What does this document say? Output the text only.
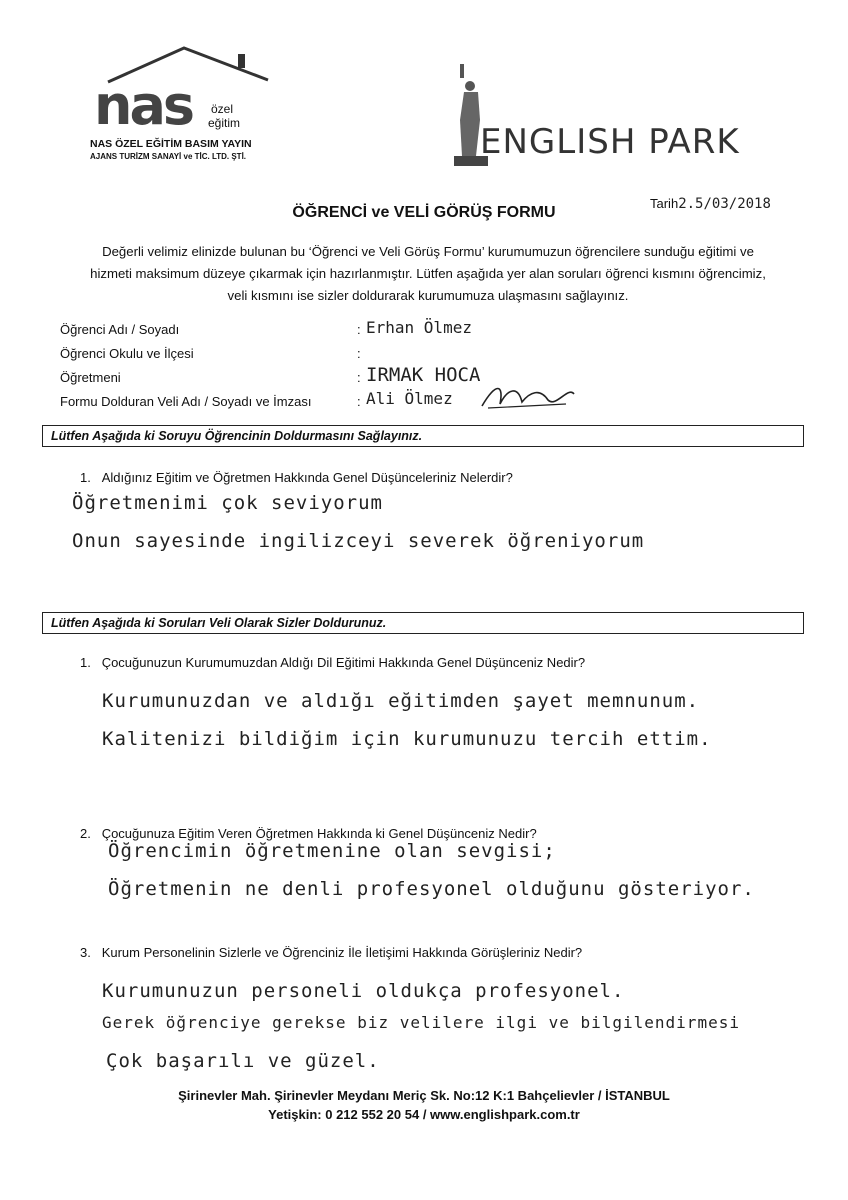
nas özel
eğitim
NAS ÖZEL EĞİTİM BASIM YAYIN
AJANS TURİZM SANAYİ ve TİC. LTD. ŞTİ.	ENGLISH PARK
ÖĞRENCİ ve VELİ GÖRÜŞ FORMU
Tarih2.5/03/2018
Değerli velimiz elinizde bulunan bu ‘Öğrenci ve Veli Görüş Formu’ kurumumuzun öğrencilere sunduğu eğitimi ve
hizmeti maksimum düzeye çıkarmak için hazırlanmıştır. Lütfen aşağıda yer alan soruları öğrenci kısmını öğrencimiz,
veli kısmını ise sizler doldurarak kurumumuza ulaşmasını sağlayınız.
Öğrenci Adı / Soyadı	: Erhan Ölmez
Öğrenci Okulu ve İlçesi	:
Öğretmeni	: IRMAK HOCA
Formu Dolduran Veli Adı / Soyadı ve İmzası	: Ali Ölmez
Lütfen Aşağıda ki Soruyu Öğrencinin Doldurmasını Sağlayınız.
1. Aldığınız Eğitim ve Öğretmen Hakkında Genel Düşünceleriniz Nelerdir?
Öğretmenimi çok seviyorum
Onun sayesinde ingilizceyi severek öğreniyorum
Lütfen Aşağıda ki Soruları Veli Olarak Sizler Doldurunuz.
1. Çocuğunuzun Kurumumuzdan Aldığı Dil Eğitimi Hakkında Genel Düşünceniz Nedir?
Kurumunuzdan ve aldığı eğitimden şayet memnunum.
Kalitenizi bildiğim için kurumunuzu tercih ettim.
2. Çocuğunuza Eğitim Veren Öğretmen Hakkında ki Genel Düşünceniz Nedir?
Öğrencimin öğretmenine olan sevgisi;
Öğretmenin ne denli profesyonel olduğunu gösteriyor.
3. Kurum Personelinin Sizlerle ve Öğrenciniz İle İletişimi Hakkında Görüşleriniz Nedir?
Kurumunuzun personeli oldukça profesyonel.
Gerek öğrenciye gerekse biz velilere ilgi ve bilgilendirmesi
Çok başarılı ve güzel.
Şirinevler Mah. Şirinevler Meydanı Meriç Sk. No:12 K:1 Bahçelievler / İSTANBUL
Yetişkin: 0 212 552 20 54 / www.englishpark.com.tr
